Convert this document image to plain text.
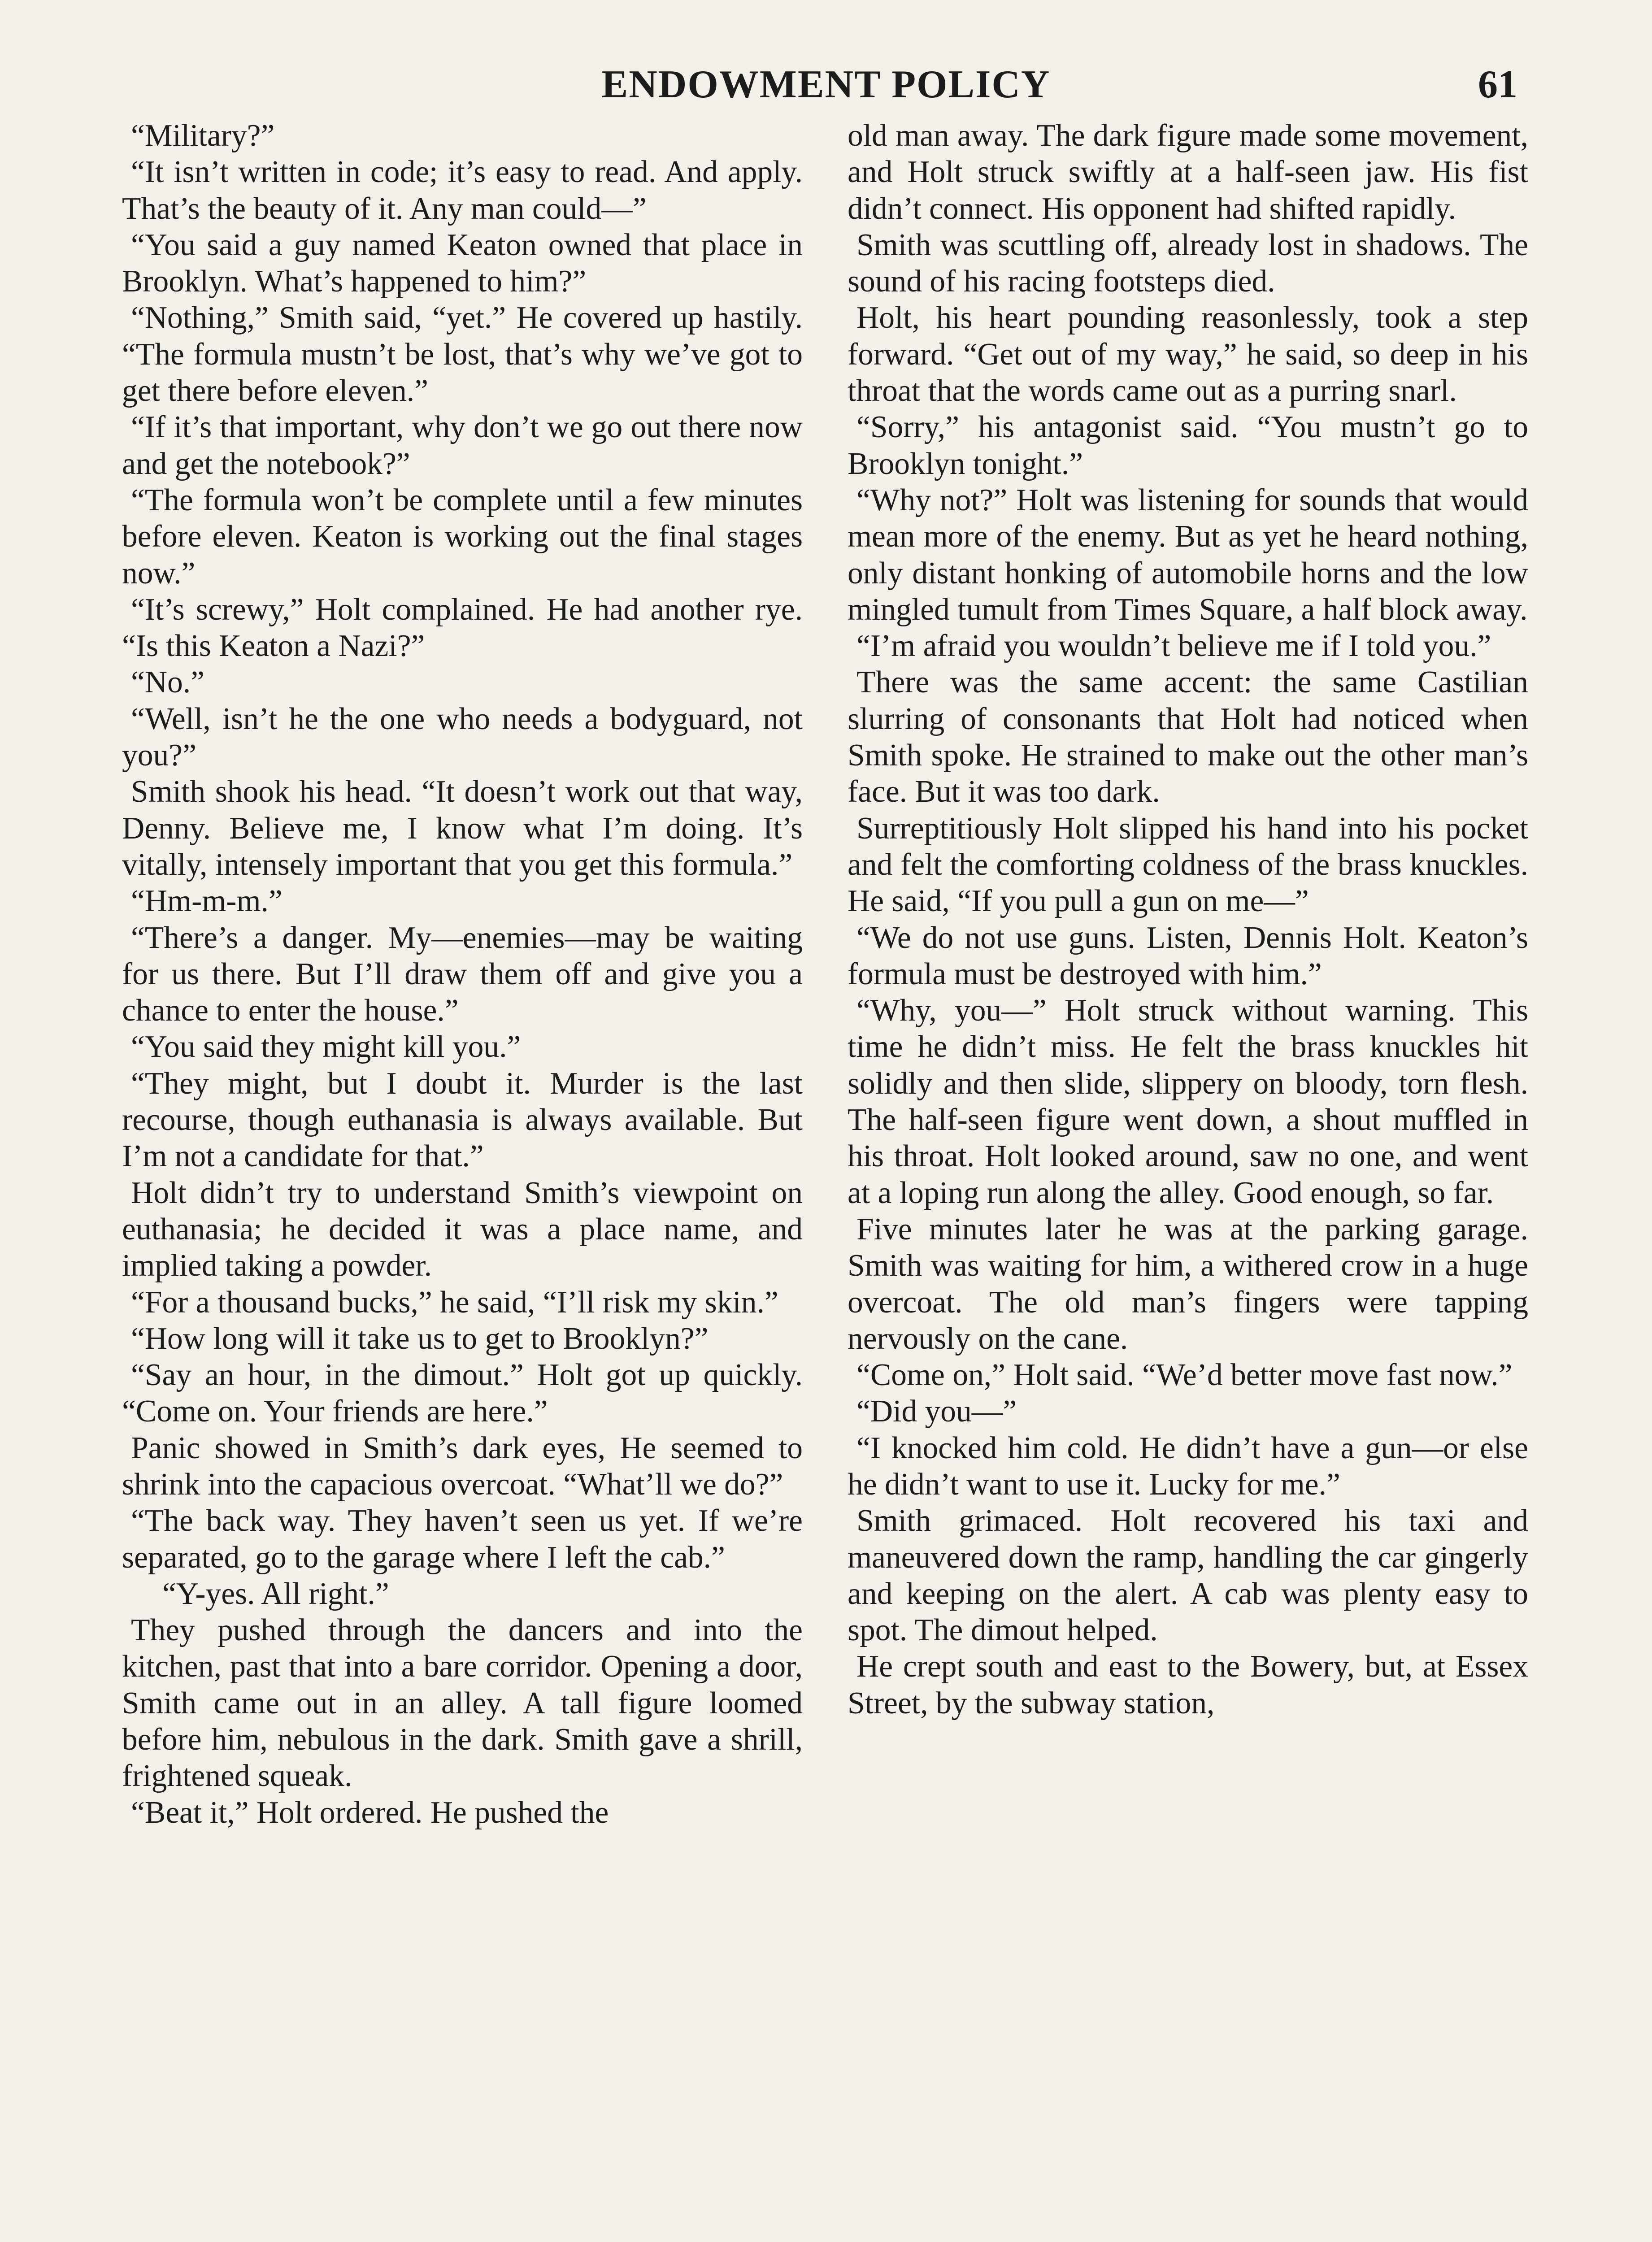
ENDOWMENT POLICY	61

“Military?”

“It isn’t written in code; it’s easy to read. And apply. That’s the beauty of it. Any man could—”

“You said a guy named Keaton owned that place in Brooklyn. What’s happened to him?”

“Nothing,” Smith said, “yet.” He covered up hastily. “The formula mustn’t be lost, that’s why we’ve got to get there before eleven.”

“If it’s that important, why don’t we go out there now and get the notebook?”

“The formula won’t be complete until a few minutes before eleven. Keaton is working out the final stages now.”

“It’s screwy,” Holt complained. He had another rye. “Is this Keaton a Nazi?”

“No.”

“Well, isn’t he the one who needs a bodyguard, not you?”

Smith shook his head. “It doesn’t work out that way, Denny. Believe me, I know what I’m doing. It’s vitally, intensely important that you get this formula.”

“Hm-m-m.”

“There’s a danger. My—enemies—may be waiting for us there. But I’ll draw them off and give you a chance to enter the house.”

“You said they might kill you.”

“They might, but I doubt it. Murder is the last recourse, though euthanasia is always available. But I’m not a candidate for that.”

Holt didn’t try to understand Smith’s viewpoint on euthanasia; he decided it was a place name, and implied taking a powder.

“For a thousand bucks,” he said, “I’ll risk my skin.”

“How long will it take us to get to Brooklyn?”

“Say an hour, in the dimout.” Holt got up quickly. “Come on. Your friends are here.”

Panic showed in Smith’s dark eyes, He seemed to shrink into the capacious overcoat. “What’ll we do?”

“The back way. They haven’t seen us yet. If we’re separated, go to the garage where I left the cab.”

“Y-yes. All right.”

They pushed through the dancers and into the kitchen, past that into a bare corridor. Opening a door, Smith came out in an alley. A tall figure loomed before him, nebulous in the dark. Smith gave a shrill, frightened squeak.

“Beat it,” Holt ordered. He pushed the

old man away. The dark figure made some movement, and Holt struck swiftly at a half-seen jaw. His fist didn’t connect. His opponent had shifted rapidly.

Smith was scuttling off, already lost in shadows. The sound of his racing footsteps died.

Holt, his heart pounding reasonlessly, took a step forward. “Get out of my way,” he said, so deep in his throat that the words came out as a purring snarl.

“Sorry,” his antagonist said. “You mustn’t go to Brooklyn tonight.”

“Why not?” Holt was listening for sounds that would mean more of the enemy. But as yet he heard nothing, only distant honking of automobile horns and the low mingled tumult from Times Square, a half block away.

“I’m afraid you wouldn’t believe me if I told you.”

There was the same accent: the same Castilian slurring of consonants that Holt had noticed when Smith spoke. He strained to make out the other man’s face. But it was too dark.

Surreptitiously Holt slipped his hand into his pocket and felt the comforting coldness of the brass knuckles. He said, “If you pull a gun on me—”

“We do not use guns. Listen, Dennis Holt. Keaton’s formula must be destroyed with him.”

“Why, you—” Holt struck without warning. This time he didn’t miss. He felt the brass knuckles hit solidly and then slide, slippery on bloody, torn flesh. The half-seen figure went down, a shout muffled in his throat. Holt looked around, saw no one, and went at a loping run along the alley. Good enough, so far.

Five minutes later he was at the parking garage. Smith was waiting for him, a withered crow in a huge overcoat. The old man’s fingers were tapping nervously on the cane.

“Come on,” Holt said. “We’d better move fast now.”

“Did you—”

“I knocked him cold. He didn’t have a gun—or else he didn’t want to use it. Lucky for me.”

Smith grimaced. Holt recovered his taxi and maneuvered down the ramp, handling the car gingerly and keeping on the alert. A cab was plenty easy to spot. The dimout helped.

He crept south and east to the Bowery, but, at Essex Street, by the subway station,
